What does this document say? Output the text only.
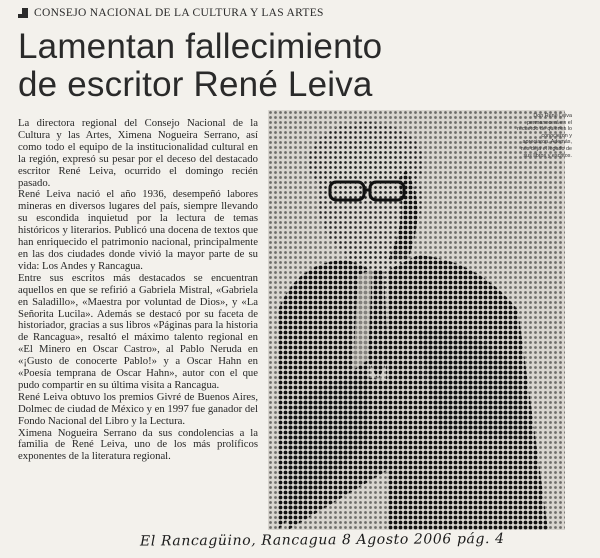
CONSEJO NACIONAL DE LA CULTURA Y LAS ARTES
Lamentan fallecimiento
de escritor René Leiva

La directora regional del Consejo Nacional de la Cultura y las Artes, Ximena Nogueira Serrano, así como todo el equipo de la institucionalidad cultural en la región, expresó su pesar por el deceso del destacado escritor René Leiva, ocurrido el domingo recién pasado.

René Leiva nació el año 1936, desempeñó labores mineras en diversos lugares del país, siempre llevando su escondida inquietud por la lectura de temas históricos y literarios. Publicó una docena de textos que han enriquecido el patrimonio nacional, principalmente en las dos ciudades donde vivió la mayor parte de su vida: Los Andes y Rancagua.

Entre sus escritos más destacados se encuentran aquellos en que se refirió a Gabriela Mistral, «Gabriela en Saladillo», «Maestra por voluntad de Dios», y «La Señorita Lucila». Además se destacó por su faceta de historiador, gracias a sus libros «Páginas para la historia de Rancagua», resaltó el máximo talento regional en «El Minero en Oscar Castro», al Pablo Neruda en «¡Gusto de conocerte Pablo!» y a Oscar Hahn en «Poesía temprana de Oscar Hahn», autor con el que pudo compartir en su última visita a Rancagua.

René Leiva obtuvo los premios Givré de Buenos Aires, Dolmec de ciudad de México y en 1997 fue ganador del Fondo Nacional del Libro y la Lectura.

Ximena Nogueira Serrano da sus condolencias a la familia de René Leiva, uno de los más prolíficos exponentes de la literatura regional.

Don René Leiva permanecerá en el recuerdo de quienes lo conocieron y apreciaron. Además, nos deja el legado de sus libros y escritos.
El Rancagüino, Rancagua 8 Agosto 2006 pág. 4
